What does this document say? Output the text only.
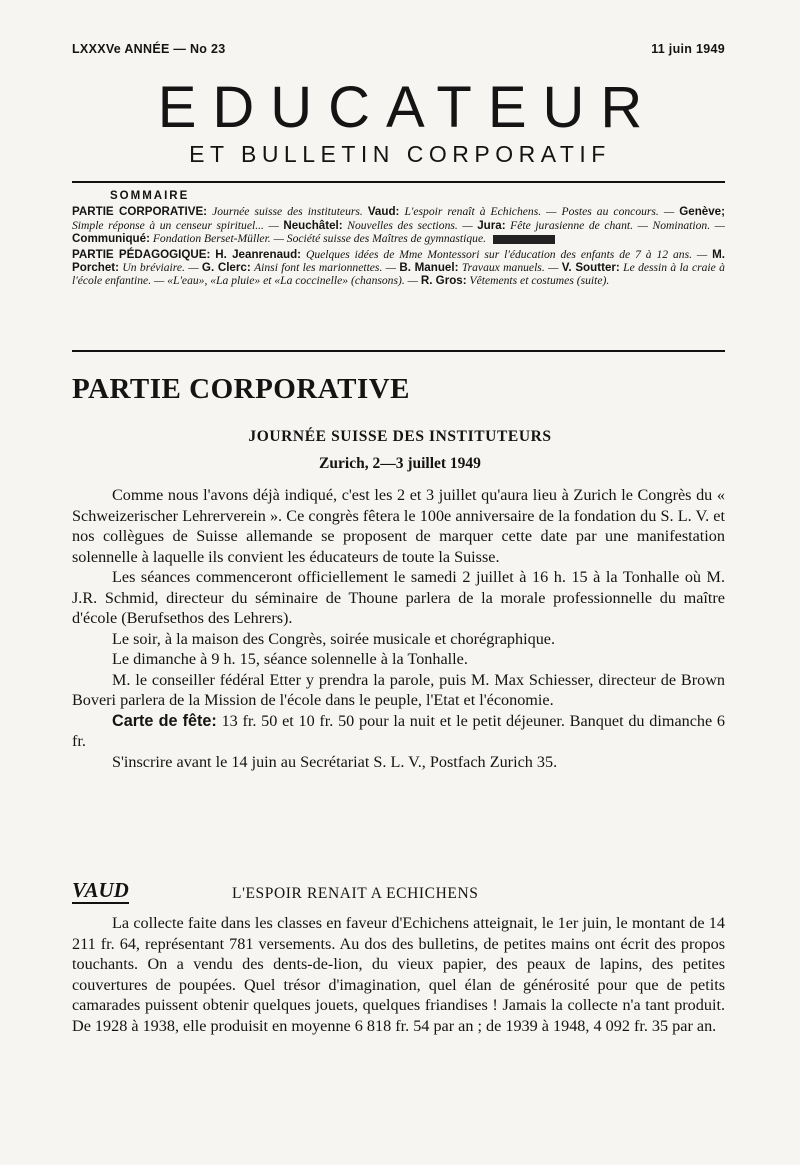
LXXXVe ANNÉE — No 23	11 juin 1949
EDUCATEUR
ET BULLETIN CORPORATIF
SOMMAIRE
PARTIE CORPORATIVE: Journée suisse des instituteurs. Vaud: L'espoir renaît à Echichens. — Postes au concours. — Genève; Simple réponse à un censeur spirituel... — Neuchâtel: Nouvelles des sections. — Jura: Fête jurasienne de chant. — Nomination. — Communiqué: Fondation Berset-Müller. — Société suisse des Maîtres de gymnastique.
PARTIE PÉDAGOGIQUE: H. Jeanrenaud: Quelques idées de Mme Montessori sur l'éducation des enfants de 7 à 12 ans. — M. Porchet: Un bréviaire. — G. Clerc: Ainsi font les marionnettes. — B. Manuel: Travaux manuels. — V. Soutter: Le dessin à la craie à l'école enfantine. — «L'eau», «La pluie» et «La coccinelle» (chansons). — R. Gros: Vêtements et costumes (suite).
PARTIE CORPORATIVE
JOURNÉE SUISSE DES INSTITUTEURS
Zurich, 2—3 juillet 1949

Comme nous l'avons déjà indiqué, c'est les 2 et 3 juillet qu'aura lieu à Zurich le Congrès du « Schweizerischer Lehrerverein ». Ce congrès fêtera le 100e anniversaire de la fondation du S. L. V. et nos collègues de Suisse allemande se proposent de marquer cette date par une manifestation solennelle à laquelle ils convient les éducateurs de toute la Suisse.

Les séances commenceront officiellement le samedi 2 juillet à 16 h. 15 à la Tonhalle où M. J.R. Schmid, directeur du séminaire de Thoune parlera de la morale professionnelle du maître d'école (Berufsethos des Lehrers).

Le soir, à la maison des Congrès, soirée musicale et chorégraphique.

Le dimanche à 9 h. 15, séance solennelle à la Tonhalle.

M. le conseiller fédéral Etter y prendra la parole, puis M. Max Schiesser, directeur de Brown Boveri parlera de la Mission de l'école dans le peuple, l'Etat et l'économie.

Carte de fête: 13 fr. 50 et 10 fr. 50 pour la nuit et le petit déjeuner. Banquet du dimanche 6 fr.

S'inscrire avant le 14 juin au Secrétariat S. L. V., Postfach Zurich 35.

VAUD	L'ESPOIR RENAIT A ECHICHENS

La collecte faite dans les classes en faveur d'Echichens atteignait, le 1er juin, le montant de 14 211 fr. 64, représentant 781 versements. Au dos des bulletins, de petites mains ont écrit des propos touchants. On a vendu des dents-de-lion, du vieux papier, des peaux de lapins, des petites couvertures de poupées. Quel trésor d'imagination, quel élan de générosité pour que de petits camarades puissent obtenir quelques jouets, quelques friandises ! Jamais la collecte n'a tant produit. De 1928 à 1938, elle produisit en moyenne 6 818 fr. 54 par an ; de 1939 à 1948, 4 092 fr. 35 par an.
